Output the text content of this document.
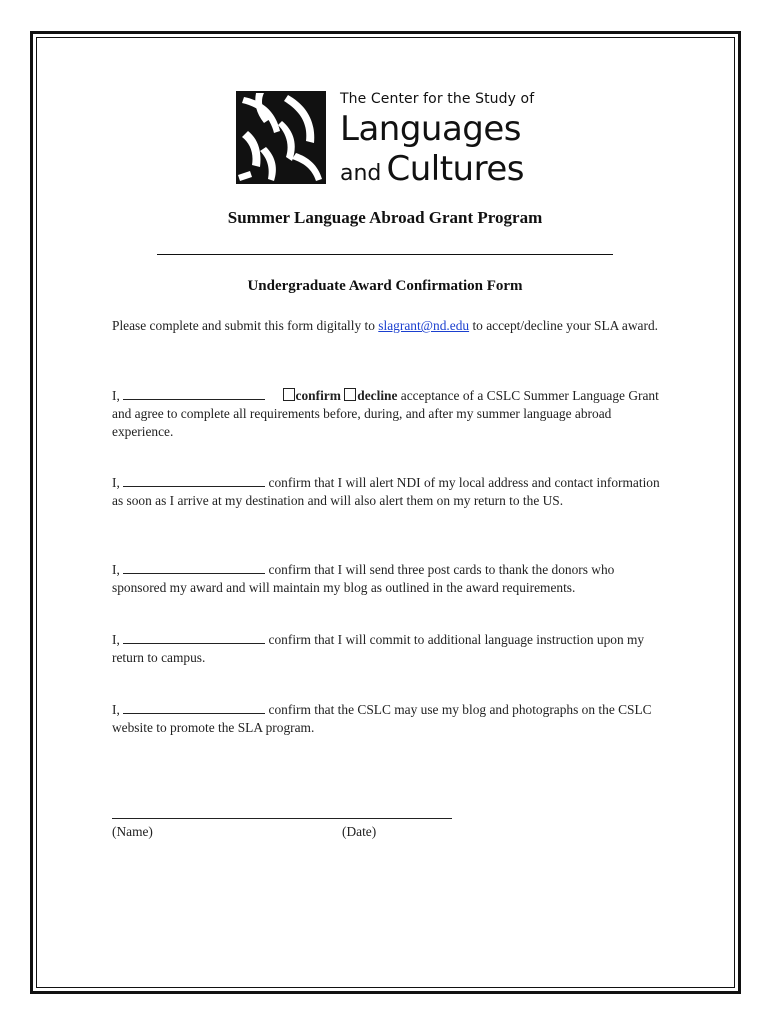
The Center for the Study of
Languages
and Cultures
Summer Language Abroad Grant Program
Undergraduate Award Confirmation Form
Please complete and submit this form digitally to slagrant@nd.edu to accept/decline your SLA award.
I,	confirm decline acceptance of a CSLC Summer Language Grant and agree to complete all requirements before, during, and after my summer language abroad experience.
I,	confirm that I will alert NDI of my local address and contact information as soon as I arrive at my destination and will also alert them on my return to the US.
I,	confirm that I will send three post cards to thank the donors who sponsored my award and will maintain my blog as outlined in the award requirements.
I,	confirm that I will commit to additional language instruction upon my return to campus.
I,	confirm that the CSLC may use my blog and photographs on the CSLC website to promote the SLA program.
(Name)	(Date)
